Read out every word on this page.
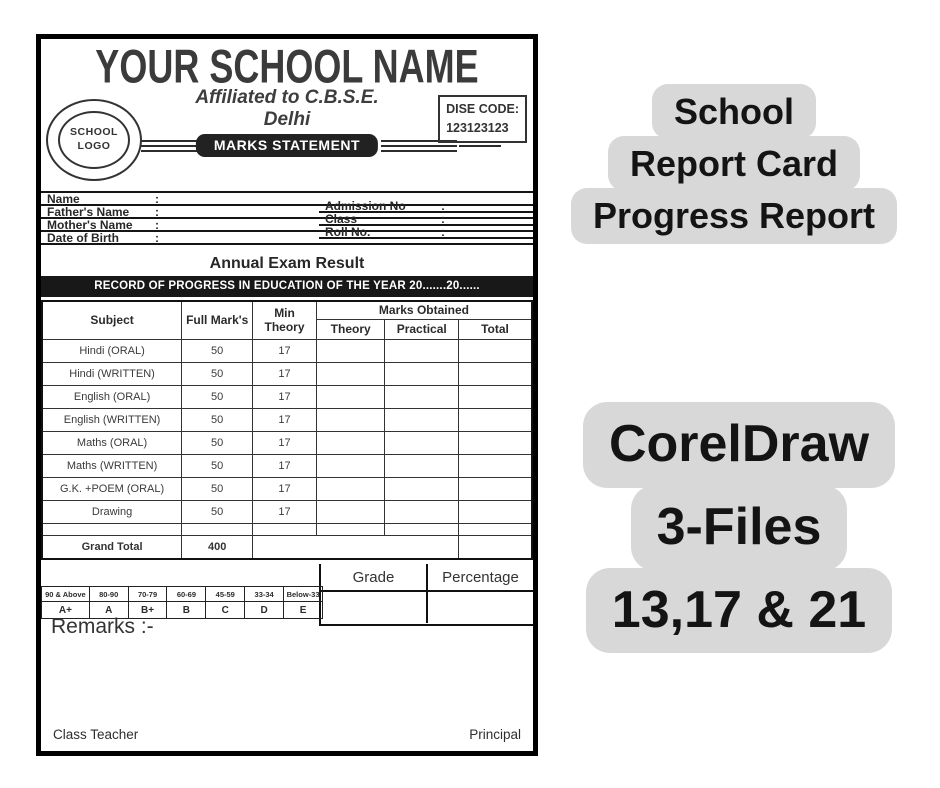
YOUR SCHOOL NAME
Affiliated to C.B.S.E.
Delhi
MARKS STATEMENT
DISE CODE:
123123123
SCHOOL
LOGO
Name	:
Father's Name	:
Mother's Name	:
Date of Birth	:
Admission No	:
Class	:
Roll No.	:
Annual Exam Result
RECORD OF PROGRESS IN EDUCATION OF THE YEAR 20.......20......
Subject	Full Mark's	Min Theory	Marks Obtained		
			Theory	Practical	Total
Hindi (ORAL)	50	17			
Hindi (WRITTEN)	50	17			
English (ORAL)	50	17			
English (WRITTEN)	50	17			
Maths (ORAL)	50	17			
Maths (WRITTEN)	50	17			
G.K. +POEM (ORAL)	50	17			
Drawing	50	17			

Grand Total	400				
Grade	Percentage
90 & Above	80-90	70-79	60-69	45-59	33-34	Below-33
A+	A	B+	B	C	D	E
Remarks :-
Class Teacher	Principal
School
Report Card
Progress Report
CorelDraw
3-Files
13,17 & 21
